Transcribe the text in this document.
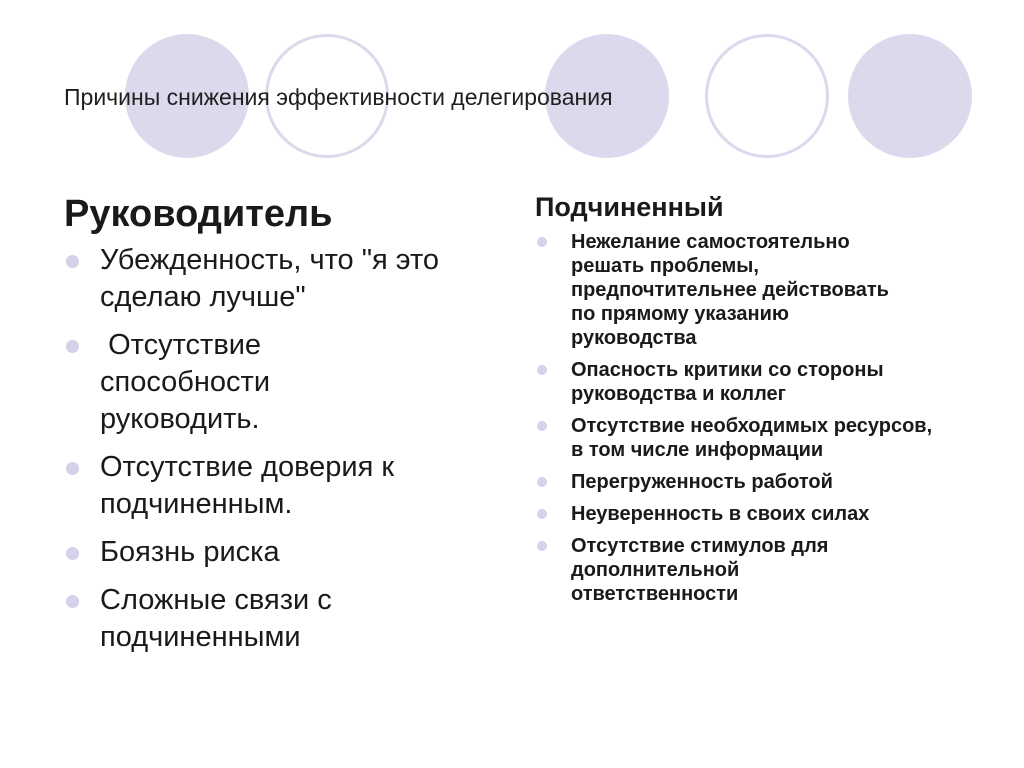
Причины снижения эффективности делегирования
Руководитель
Убежденность, что "я это сделаю лучше"
Отсутствие способности руководить.
Отсутствие доверия к подчиненным.
Боязнь риска
Сложные связи с подчиненными
Подчиненный
Нежелание самостоятельно решать проблемы, предпочтительнее действовать по прямому указанию руководства
Опасность критики со стороны руководства и коллег
Отсутствие необходимых ресурсов, в том числе информации
Перегруженность работой
Неуверенность в своих силах
Отсутствие стимулов для дополнительной ответственности
